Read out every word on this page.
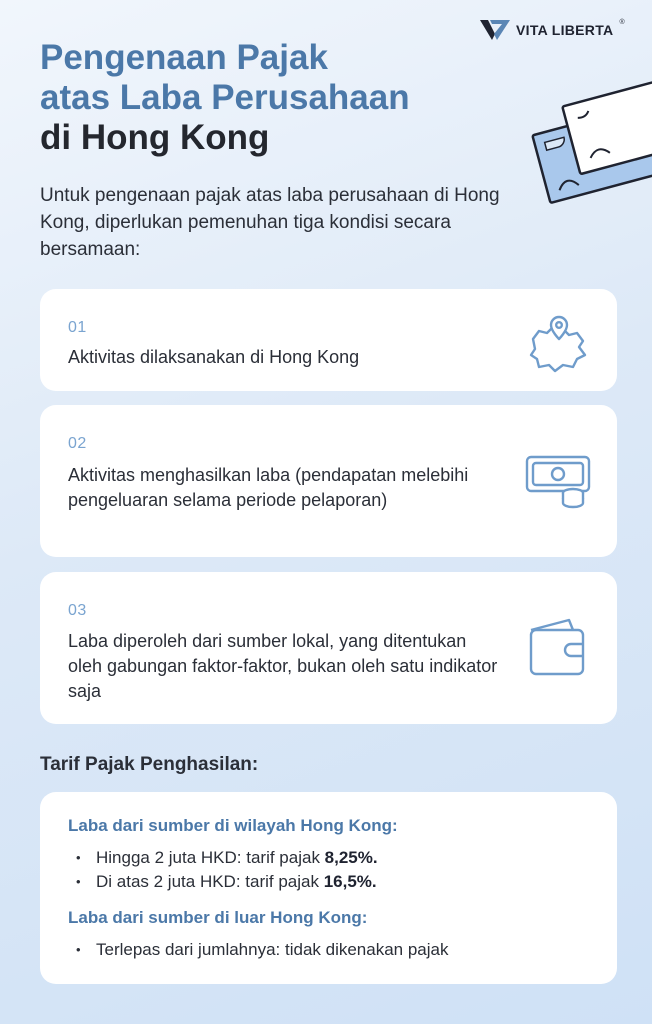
VITA LIBERTA ®
Pengenaan Pajak
atas Laba Perusahaan
di Hong Kong

Untuk pengenaan pajak atas laba perusahaan di Hong Kong, diperlukan pemenuhan tiga kondisi secara bersamaan:

01

Aktivitas dilaksanakan di Hong Kong

02

Aktivitas menghasilkan laba (pendapatan melebihi pengeluaran selama periode pelaporan)

03

Laba diperoleh dari sumber lokal, yang ditentukan oleh gabungan faktor-faktor, bukan oleh satu indikator saja

Tarif Pajak Penghasilan:
Laba dari sumber di wilayah Hong Kong:
• Hingga 2 juta HKD: tarif pajak 8,25%.
• Di atas 2 juta HKD: tarif pajak 16,5%.
Laba dari sumber di luar Hong Kong:
• Terlepas dari jumlahnya: tidak dikenakan pajak
